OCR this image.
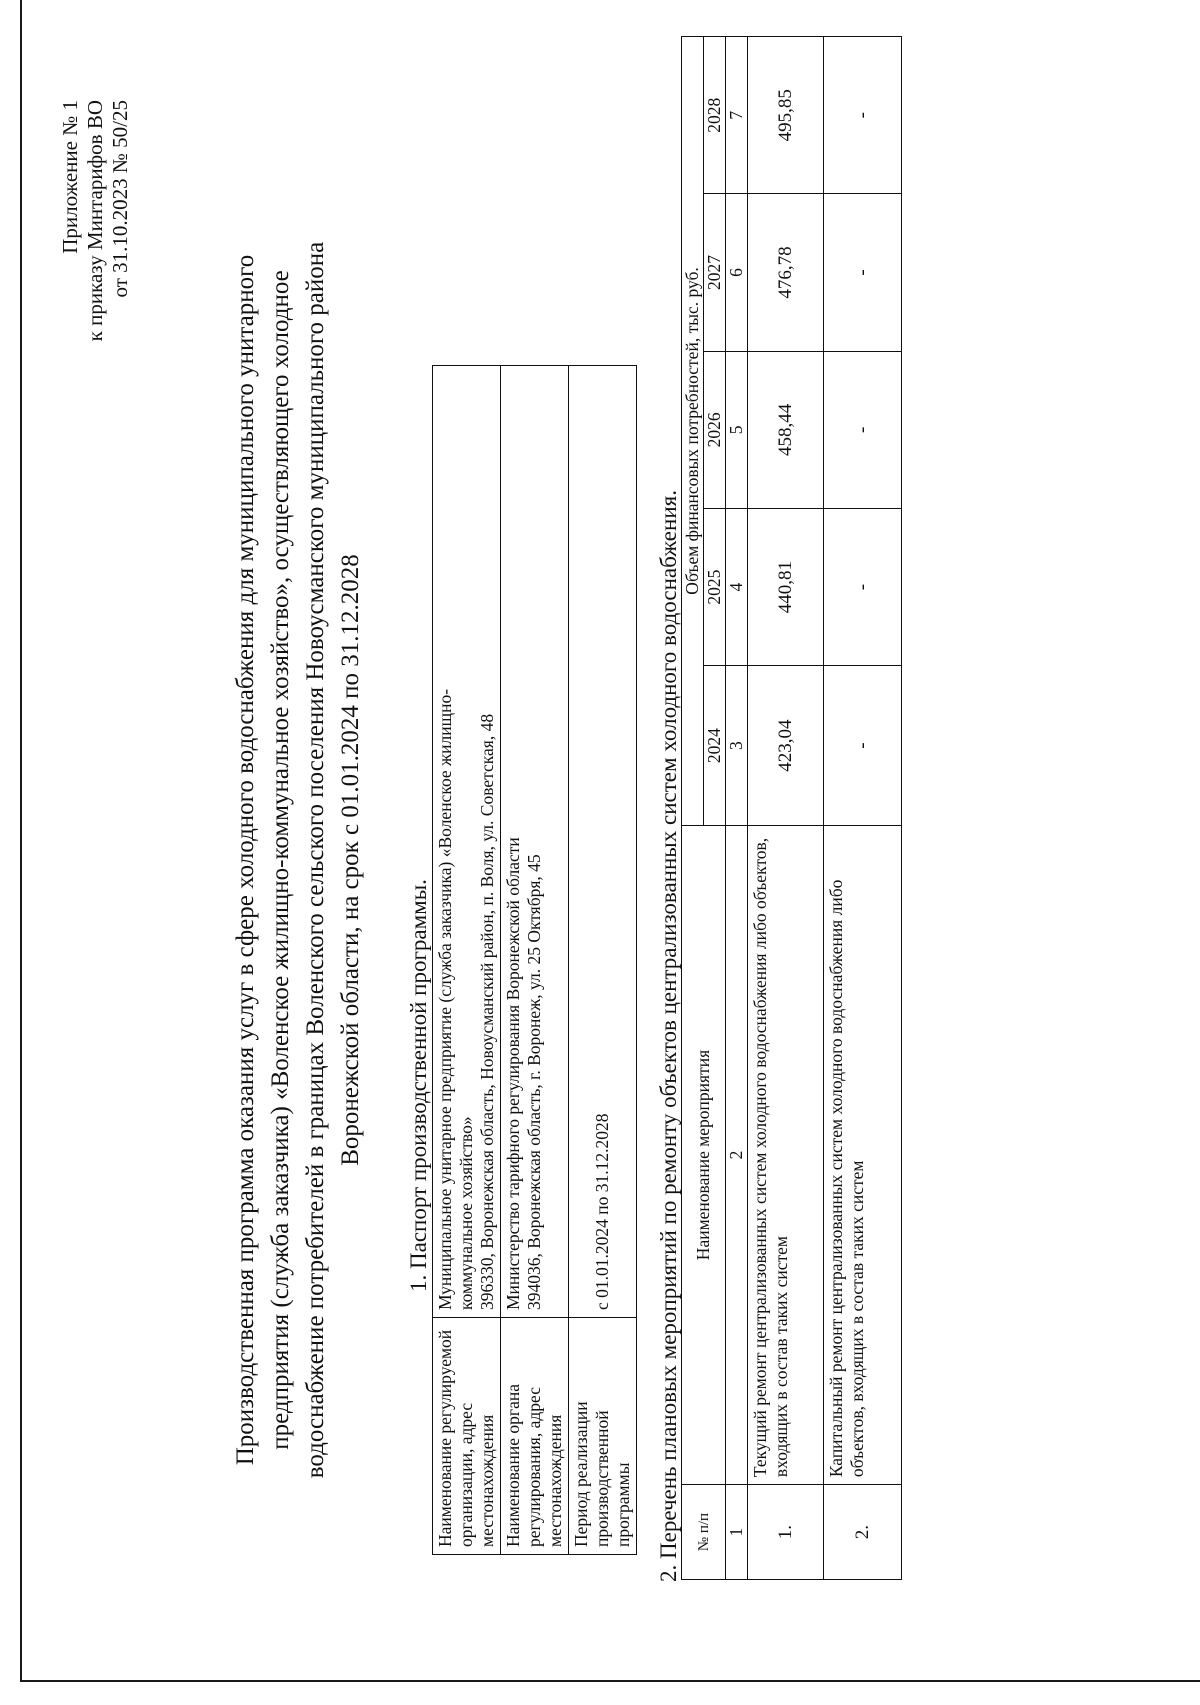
Приложение № 1 к приказу Минтарифов ВО от 31.10.2023 № 50/25
Производственная программа оказания услуг в сфере холодного водоснабжения для муниципального унитарного предприятия (служба заказчика) «Воленское жилищно-коммунальное хозяйство», осуществляющего холодное водоснабжение потребителей в границах Воленского сельского поселения Новоусманского муниципального района Воронежской области, на срок с 01.01.2024 по 31.12.2028 1. Паспорт производственной программы.
Наименование регулируемой организации, адрес местонахождения	Муниципальное унитарное предприятие (служба заказчика) «Воленское жилищно- коммунальное хозяйство» 396330, Воронежская область, Новоусманский район, п. Воля, ул. Советская, 48

Наименование органа регулирования, адрес местонахождения	Министерство тарифного регулирования Воронежской области 394036, Воронежская область, г. Воронеж, ул. 25 Октября, 45

Период реализации производственной программы	с 01.01.2024 по 31.12.2028 2. Перечень плановых мероприятий по ремонту объектов централизованных систем холодного водоснабжения. № п/п	Наименование мероприятия	Объем финансовых потребностей, тыс. руб.				
		2024	2025	2026	2027	2028
1	2	3	4	5	6	7
1.	Текущий ремонт централизованных систем холодного водоснабжения либо объектов, входящих в состав таких систем	423,04	440,81	458,44	476,78	495,85
2.	Капитальный ремонт централизованных систем холодного водоснабжения либо объектов, входящих в состав таких систем	-	-	-	-	-
